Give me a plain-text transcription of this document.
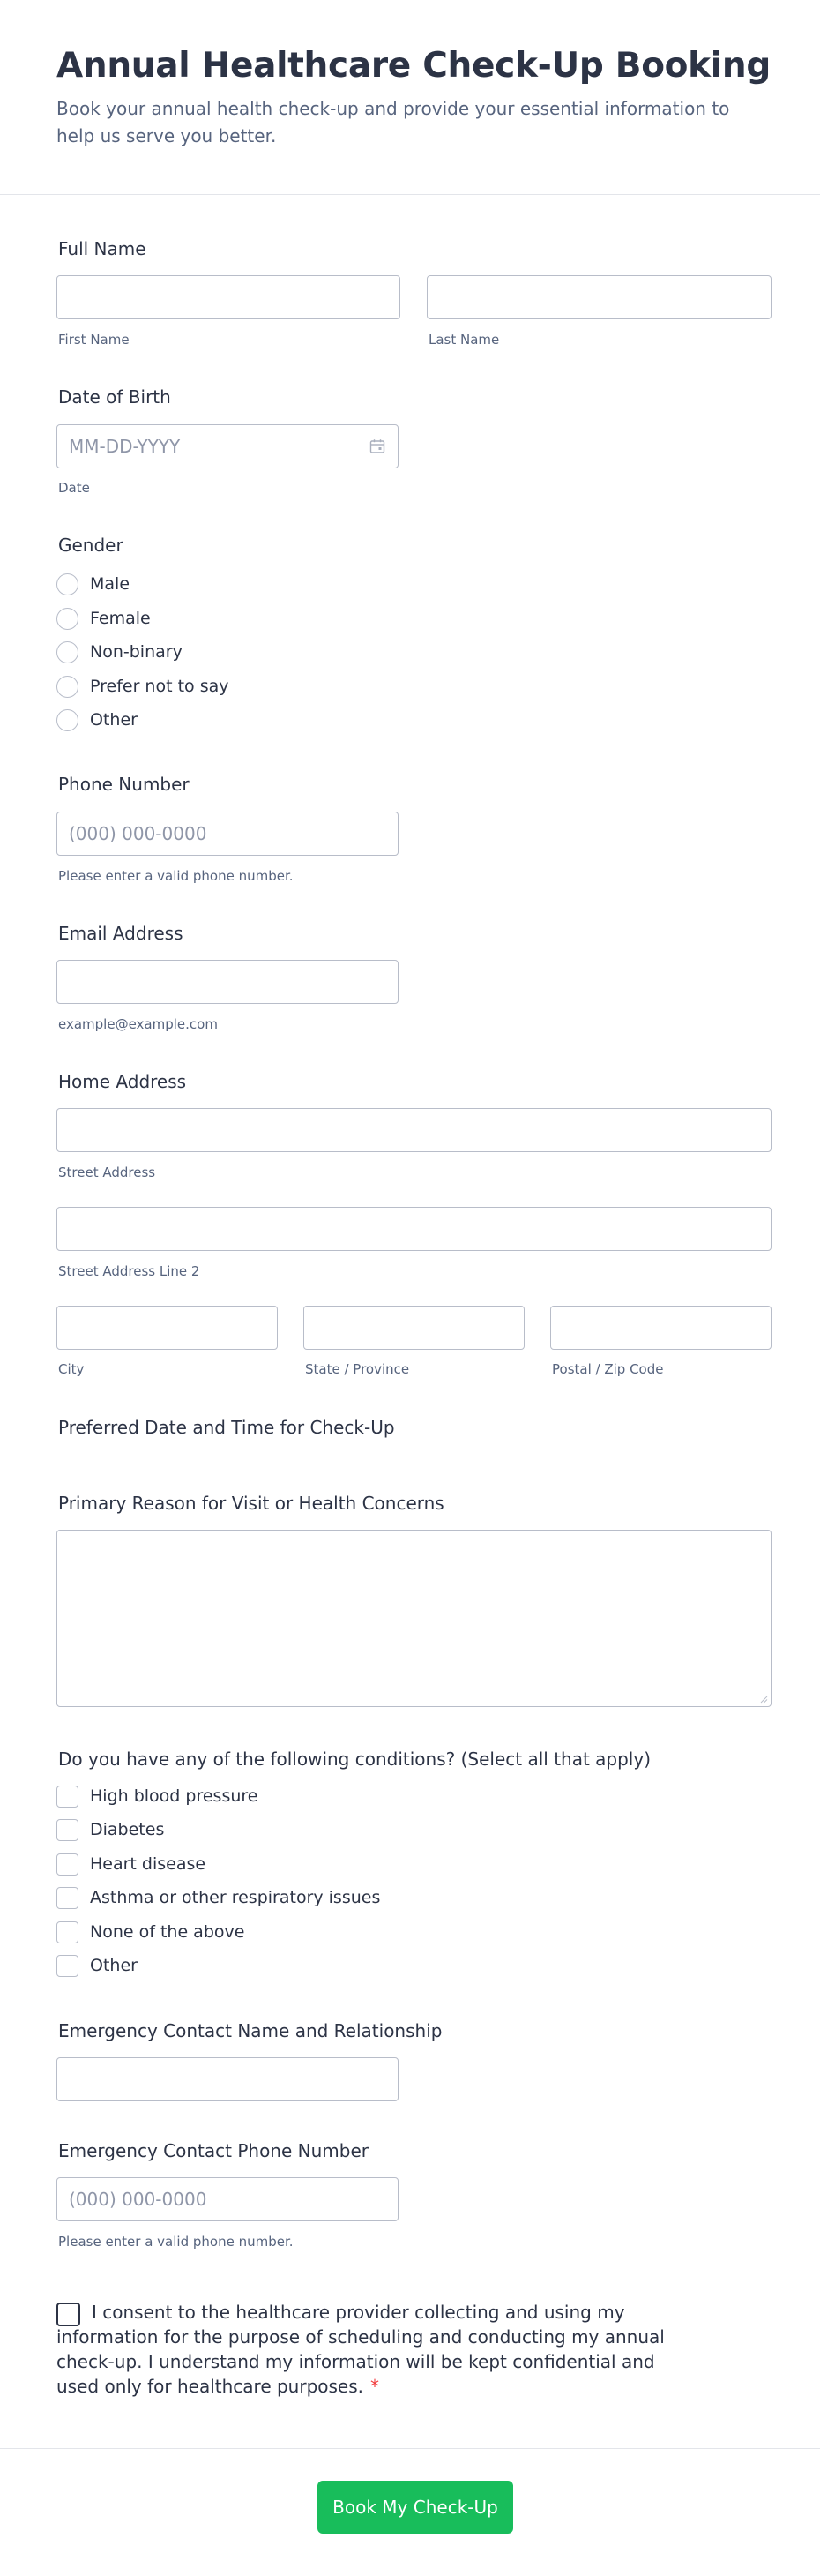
Annual Healthcare Check-Up Booking

Book your annual health check-up and provide your essential information to help us serve you better.

Full Name
First Name	Last Name
Date of Birth
MM-DD-YYYY
Date
Gender
Male
Female
Non-binary
Prefer not to say
Other
Phone Number
(000) 000-0000
Please enter a valid phone number.
Email Address
example@example.com
Home Address
Street Address
Street Address Line 2
City	State / Province	Postal / Zip Code
Preferred Date and Time for Check-Up
Primary Reason for Visit or Health Concerns
Do you have any of the following conditions? (Select all that apply)
High blood pressure
Diabetes
Heart disease
Asthma or other respiratory issues
None of the above
Other
Emergency Contact Name and Relationship
Emergency Contact Phone Number
(000) 000-0000
Please enter a valid phone number.
I consent to the healthcare provider collecting and using my information for the purpose of scheduling and conducting my annual check-up. I understand my information will be kept confidential and used only for healthcare purposes. *
Book My Check-Up
